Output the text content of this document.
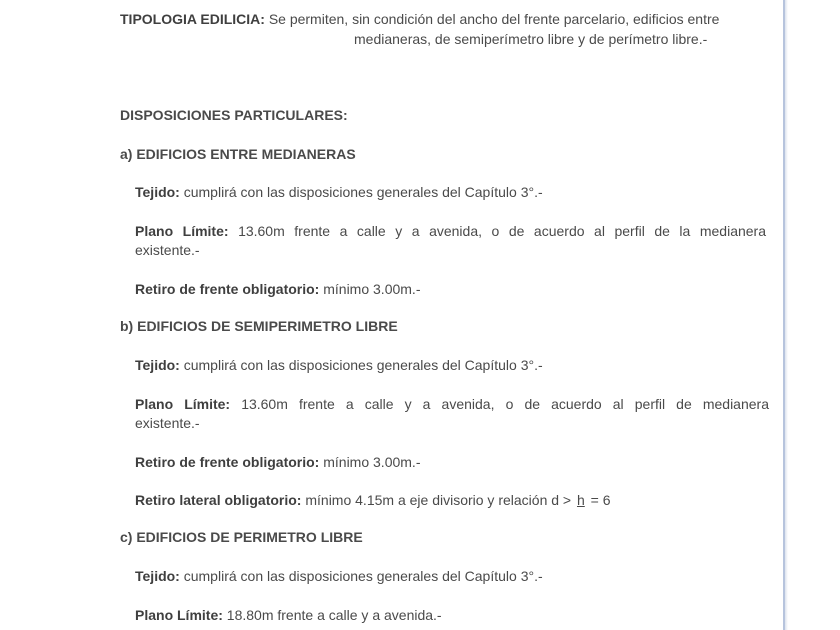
TIPOLOGIA EDILICIA: Se permiten, sin condición del ancho del frente parcelario, edificios entre
medianeras, de semiperímetro libre y de perímetro libre.-
DISPOSICIONES PARTICULARES:
a) EDIFICIOS ENTRE MEDIANERAS
Tejido: cumplirá con las disposiciones generales del Capítulo 3°.-
Plano Límite: 13.60m frente a calle y a avenida, o de acuerdo al perfil de la medianera
existente.-
Retiro de frente obligatorio: mínimo 3.00m.-
b) EDIFICIOS DE SEMIPERIMETRO LIBRE
Tejido: cumplirá con las disposiciones generales del Capítulo 3°.-
Plano Límite: 13.60m frente a calle y a avenida, o de acuerdo al perfil de medianera
existente.-
Retiro de frente obligatorio: mínimo 3.00m.-
Retiro lateral obligatorio: mínimo 4.15m a eje divisorio y relación d > h = 6
c) EDIFICIOS DE PERIMETRO LIBRE
Tejido: cumplirá con las disposiciones generales del Capítulo 3°.-
Plano Límite: 18.80m frente a calle y a avenida.-
